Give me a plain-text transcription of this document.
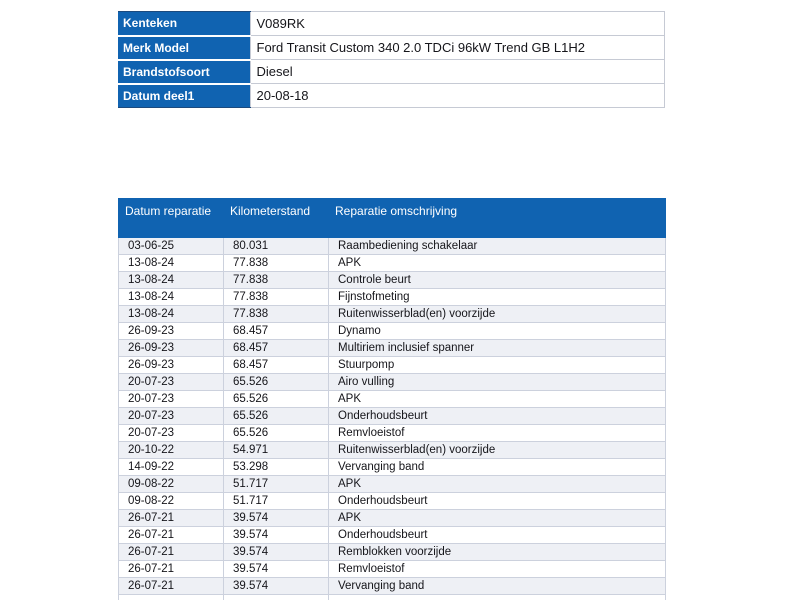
Kenteken	V089RK
Merk Model	Ford Transit Custom 340 2.0 TDCi 96kW Trend GB L1H2
Brandstofsoort	Diesel
Datum deel1	20-08-18
Datum reparatie	Kilometerstand	Reparatie omschrijving
03-06-25	80.031	Raambediening schakelaar
13-08-24	77.838	APK
13-08-24	77.838	Controle beurt
13-08-24	77.838	Fijnstofmeting
13-08-24	77.838	Ruitenwisserblad(en) voorzijde
26-09-23	68.457	Dynamo
26-09-23	68.457	Multiriem inclusief spanner
26-09-23	68.457	Stuurpomp
20-07-23	65.526	Airo vulling
20-07-23	65.526	APK
20-07-23	65.526	Onderhoudsbeurt
20-07-23	65.526	Remvloeistof
20-10-22	54.971	Ruitenwisserblad(en) voorzijde
14-09-22	53.298	Vervanging band
09-08-22	51.717	APK
09-08-22	51.717	Onderhoudsbeurt
26-07-21	39.574	APK
26-07-21	39.574	Onderhoudsbeurt
26-07-21	39.574	Remblokken voorzijde
26-07-21	39.574	Remvloeistof
26-07-21	39.574	Vervanging band
